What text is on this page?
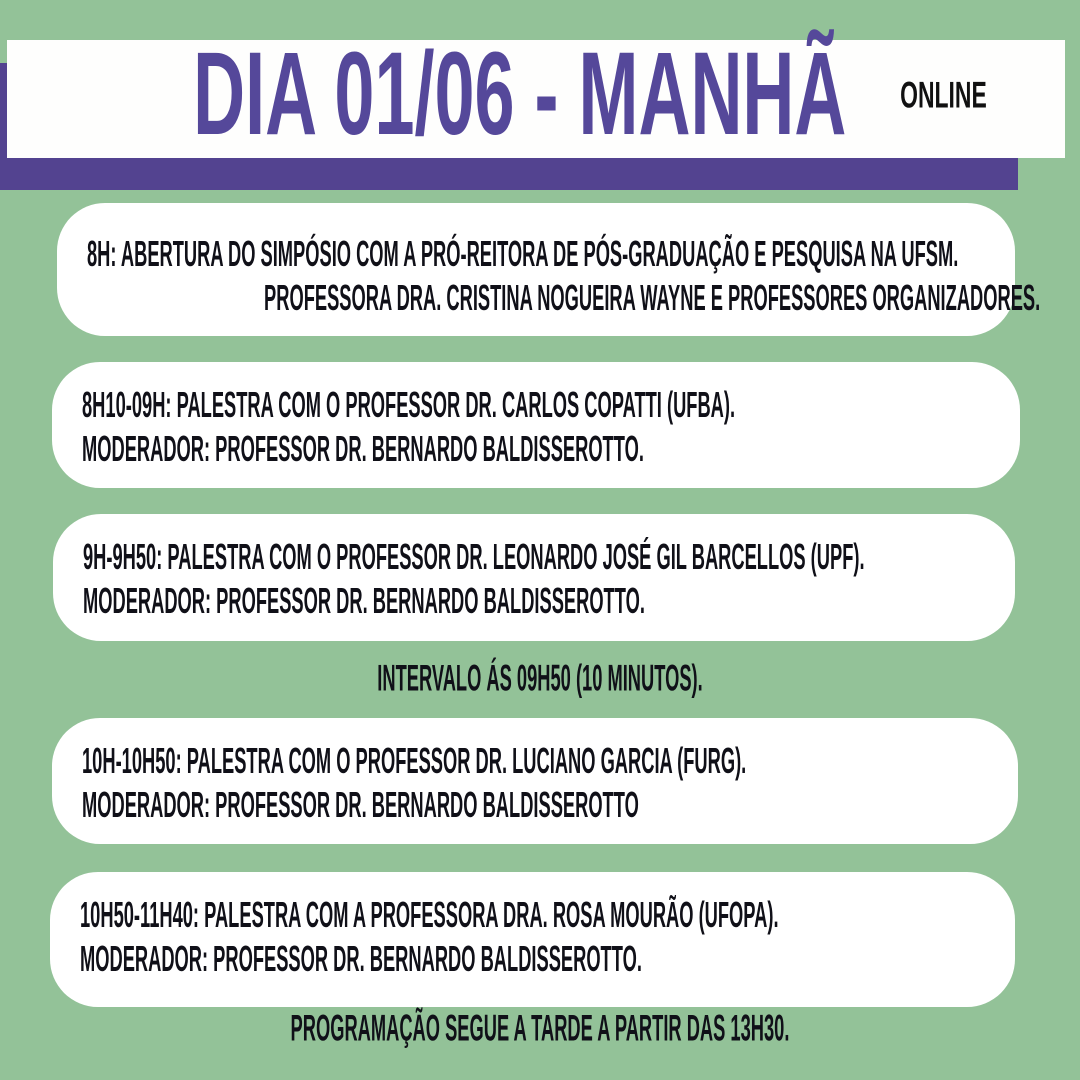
DIA 01/06 - MANHÃ ONLINE
8H: ABERTURA DO SIMPÓSIO COM A PRÓ-REITORA DE PÓS-GRADUAÇÃO E PESQUISA NA UFSM.
PROFESSORA DRA. CRISTINA NOGUEIRA WAYNE E PROFESSORES ORGANIZADORES.
8H10-09H: PALESTRA COM O PROFESSOR DR. CARLOS COPATTI (UFBA).
MODERADOR: PROFESSOR DR. BERNARDO BALDISSEROTTO.
9H-9H50: PALESTRA COM O PROFESSOR DR. LEONARDO JOSÉ GIL BARCELLOS (UPF).
MODERADOR: PROFESSOR DR. BERNARDO BALDISSEROTTO.
INTERVALO ÁS 09H50 (10 MINUTOS).
10H-10H50: PALESTRA COM O PROFESSOR DR. LUCIANO GARCIA (FURG).
MODERADOR: PROFESSOR DR. BERNARDO BALDISSEROTTO
10H50-11H40: PALESTRA COM A PROFESSORA DRA. ROSA MOURÃO (UFOPA).
MODERADOR: PROFESSOR DR. BERNARDO BALDISSEROTTO.
PROGRAMAÇÃO SEGUE A TARDE A PARTIR DAS 13H30.
